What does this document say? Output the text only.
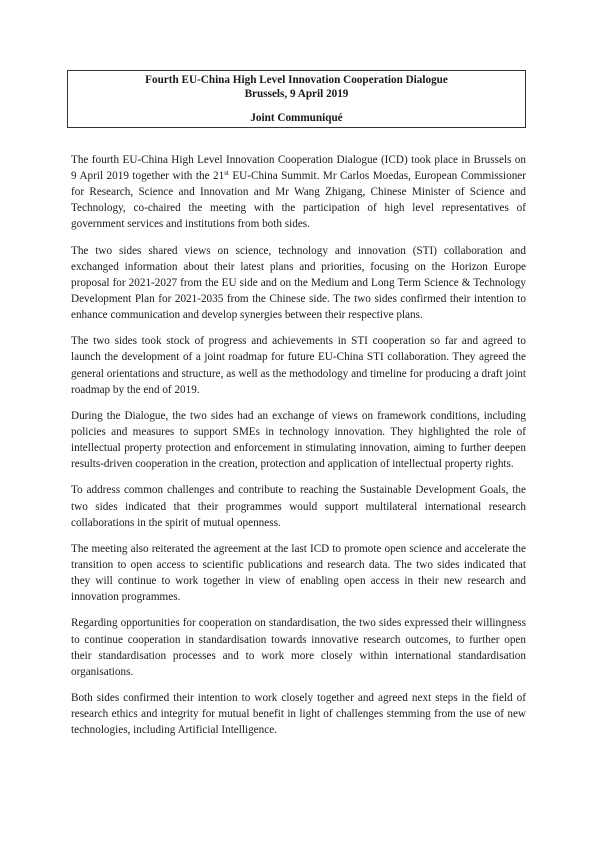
Fourth EU-China High Level Innovation Cooperation Dialogue
Brussels, 9 April 2019
Joint Communiqué

The fourth EU-China High Level Innovation Cooperation Dialogue (ICD) took place in Brussels on 9 April 2019 together with the 21st EU-China Summit. Mr Carlos Moedas, European Commissioner for Research, Science and Innovation and Mr Wang Zhigang, Chinese Minister of Science and Technology, co-chaired the meeting with the participation of high level representatives of government services and institutions from both sides.

The two sides shared views on science, technology and innovation (STI) collaboration and exchanged information about their latest plans and priorities, focusing on the Horizon Europe proposal for 2021-2027 from the EU side and on the Medium and Long Term Science & Technology Development Plan for 2021-2035 from the Chinese side. The two sides confirmed their intention to enhance communication and develop synergies between their respective plans.

The two sides took stock of progress and achievements in STI cooperation so far and agreed to launch the development of a joint roadmap for future EU-China STI collaboration. They agreed the general orientations and structure, as well as the methodology and timeline for producing a draft joint roadmap by the end of 2019.

During the Dialogue, the two sides had an exchange of views on framework conditions, including policies and measures to support SMEs in technology innovation. They highlighted the role of intellectual property protection and enforcement in stimulating innovation, aiming to further deepen results-driven cooperation in the creation, protection and application of intellectual property rights.

To address common challenges and contribute to reaching the Sustainable Development Goals, the two sides indicated that their programmes would support multilateral international research collaborations in the spirit of mutual openness.

The meeting also reiterated the agreement at the last ICD to promote open science and accelerate the transition to open access to scientific publications and research data. The two sides indicated that they will continue to work together in view of enabling open access in their new research and innovation programmes.

Regarding opportunities for cooperation on standardisation, the two sides expressed their willingness to continue cooperation in standardisation towards innovative research outcomes, to further open their standardisation processes and to work more closely within international standardisation organisations.

Both sides confirmed their intention to work closely together and agreed next steps in the field of research ethics and integrity for mutual benefit in light of challenges stemming from the use of new technologies, including Artificial Intelligence.
